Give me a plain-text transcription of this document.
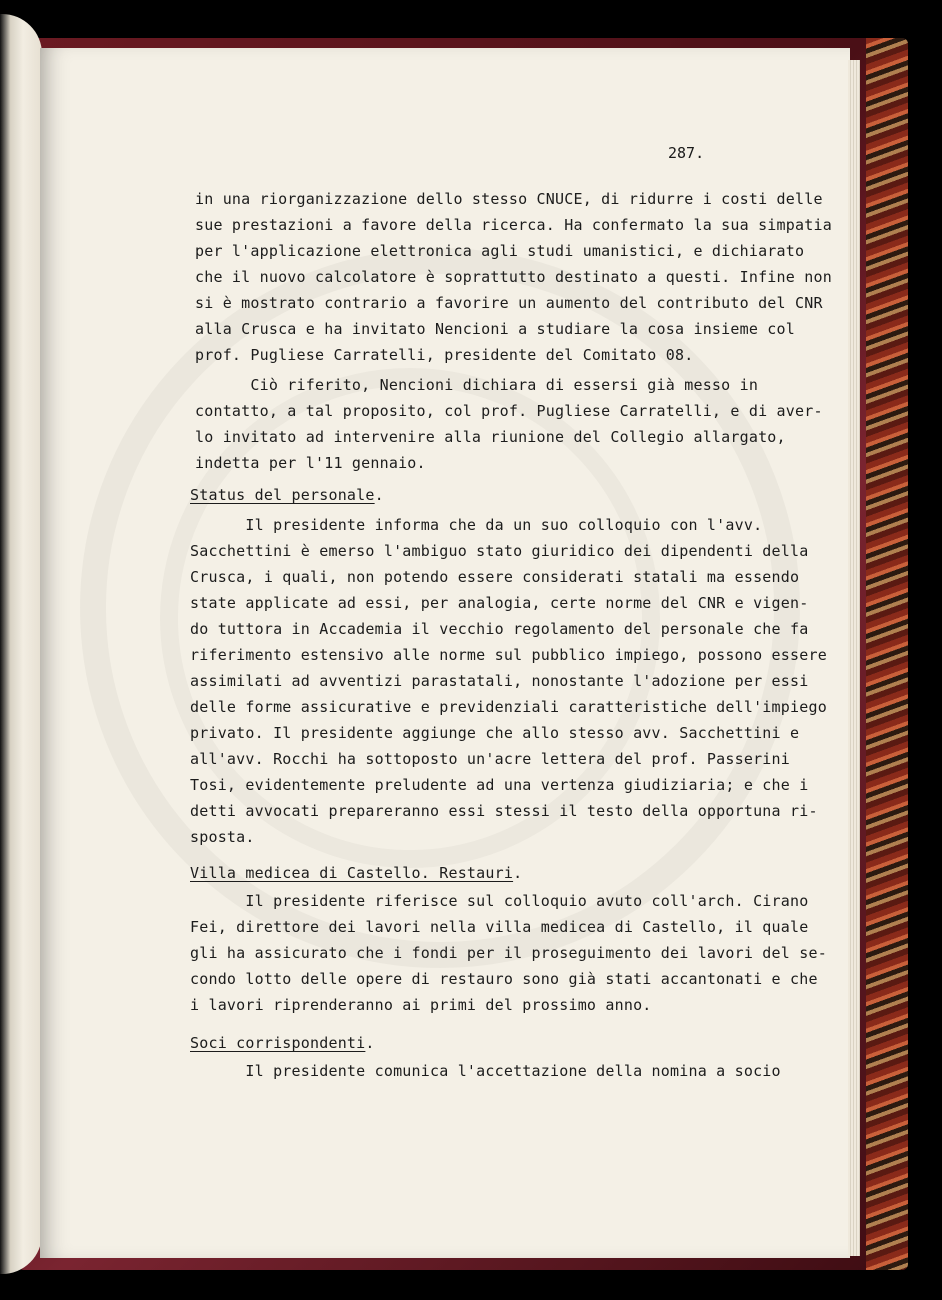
287.
in una riorganizzazione dello stesso CNUCE, di ridurre i costi delle
sue prestazioni a favore della ricerca. Ha confermato la sua simpatia
per l'applicazione elettronica agli studi umanistici, e dichiarato
che il nuovo calcolatore è soprattutto destinato a questi. Infine non
si è mostrato contrario a favorire un aumento del contributo del CNR
alla Crusca e ha invitato Nencioni a studiare la cosa insieme col
prof. Pugliese Carratelli, presidente del Comitato 08.
Ciò riferito, Nencioni dichiara di essersi già messo in
contatto, a tal proposito, col prof. Pugliese Carratelli, e di aver-
lo invitato ad intervenire alla riunione del Collegio allargato,
indetta per l'11 gennaio.
Status del personale.
Il presidente informa che da un suo colloquio con l'avv.
Sacchettini è emerso l'ambiguo stato giuridico dei dipendenti della
Crusca, i quali, non potendo essere considerati statali ma essendo
state applicate ad essi, per analogia, certe norme del CNR e vigen-
do tuttora in Accademia il vecchio regolamento del personale che fa
riferimento estensivo alle norme sul pubblico impiego, possono essere
assimilati ad avventizi parastatali, nonostante l'adozione per essi
delle forme assicurative e previdenziali caratteristiche dell'impiego
privato. Il presidente aggiunge che allo stesso avv. Sacchettini e
all'avv. Rocchi ha sottoposto un'acre lettera del prof. Passerini
Tosi, evidentemente preludente ad una vertenza giudiziaria; e che i
detti avvocati prepareranno essi stessi il testo della opportuna ri-
sposta.
Villa medicea di Castello. Restauri.
Il presidente riferisce sul colloquio avuto coll'arch. Cirano
Fei, direttore dei lavori nella villa medicea di Castello, il quale
gli ha assicurato che i fondi per il proseguimento dei lavori del se-
condo lotto delle opere di restauro sono già stati accantonati e che
i lavori riprenderanno ai primi del prossimo anno.
Soci corrispondenti.
Il presidente comunica l'accettazione della nomina a socio
